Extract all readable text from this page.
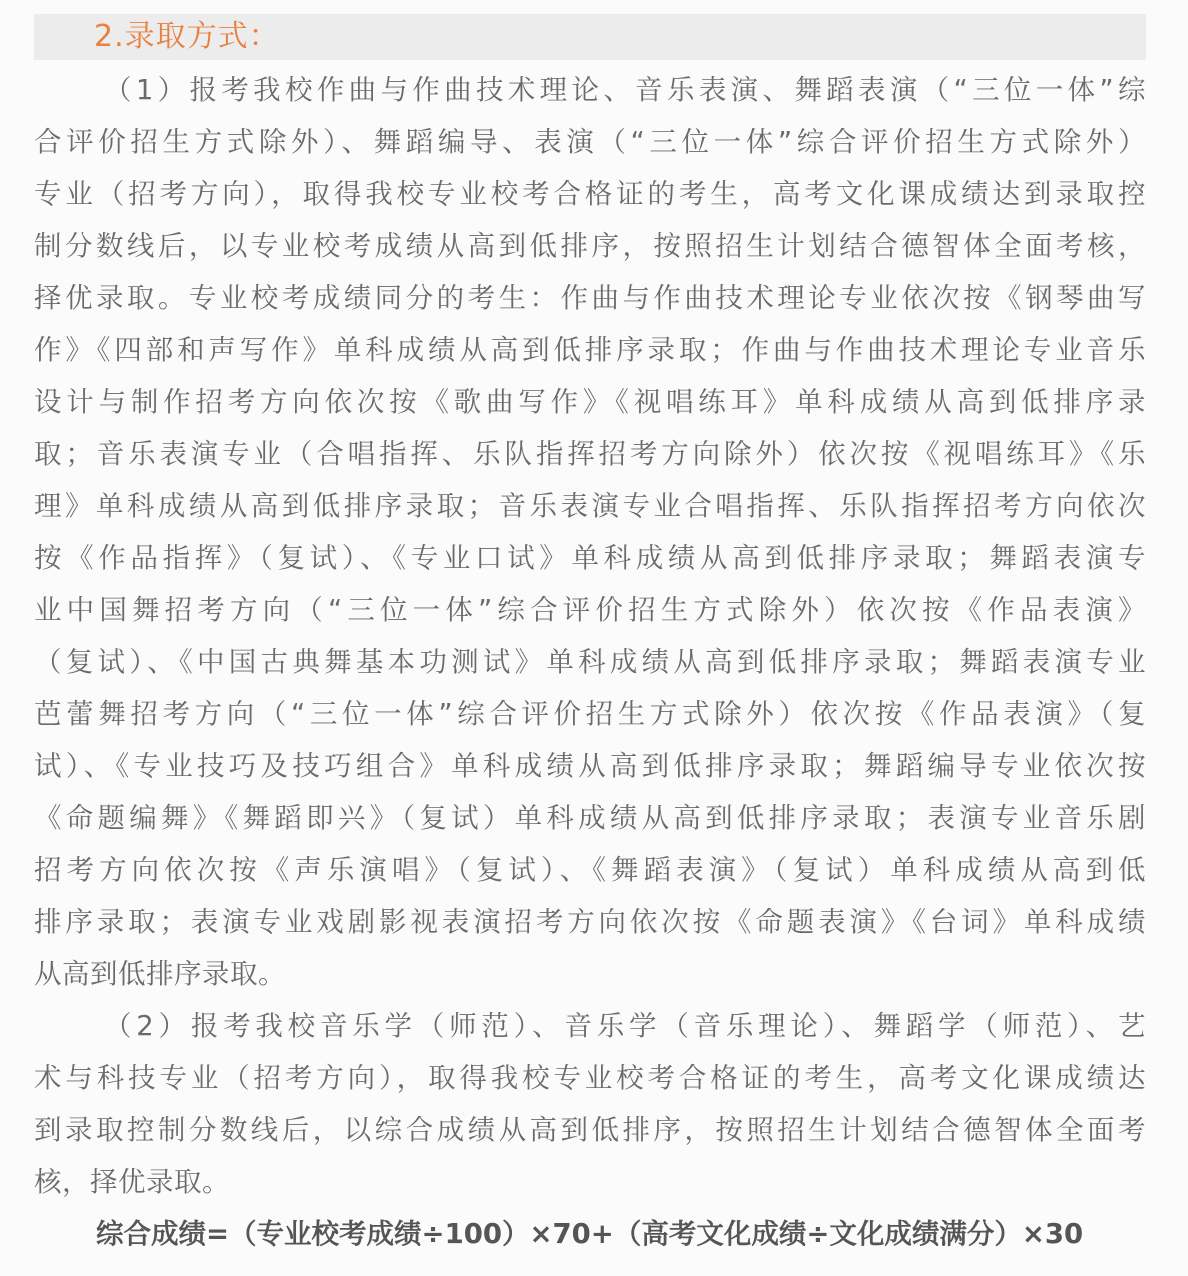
2.录取方式：
（1）报考我校作曲与作曲技术理论、音乐表演、舞蹈表演（“三位一体”综
合评价招生方式除外）、舞蹈编导、表演（“三位一体”综合评价招生方式除外）
专业（招考方向），取得我校专业校考合格证的考生，高考文化课成绩达到录取控
制分数线后，以专业校考成绩从高到低排序，按照招生计划结合德智体全面考核，
择优录取。专业校考成绩同分的考生：作曲与作曲技术理论专业依次按《钢琴曲写
作》《四部和声写作》单科成绩从高到低排序录取；作曲与作曲技术理论专业音乐
设计与制作招考方向依次按《歌曲写作》《视唱练耳》单科成绩从高到低排序录
取；音乐表演专业（合唱指挥、乐队指挥招考方向除外）依次按《视唱练耳》《乐
理》单科成绩从高到低排序录取；音乐表演专业合唱指挥、乐队指挥招考方向依次
按《作品指挥》（复试）、《专业口试》单科成绩从高到低排序录取；舞蹈表演专
业中国舞招考方向（“三位一体”综合评价招生方式除外）依次按《作品表演》
（复试）、《中国古典舞基本功测试》单科成绩从高到低排序录取；舞蹈表演专业
芭蕾舞招考方向（“三位一体”综合评价招生方式除外）依次按《作品表演》（复
试）、《专业技巧及技巧组合》单科成绩从高到低排序录取；舞蹈编导专业依次按
《命题编舞》《舞蹈即兴》（复试）单科成绩从高到低排序录取；表演专业音乐剧
招考方向依次按《声乐演唱》（复试）、《舞蹈表演》（复试）单科成绩从高到低
排序录取；表演专业戏剧影视表演招考方向依次按《命题表演》《台词》单科成绩
从高到低排序录取。
（2）报考我校音乐学（师范）、音乐学（音乐理论）、舞蹈学（师范）、艺
术与科技专业（招考方向），取得我校专业校考合格证的考生，高考文化课成绩达
到录取控制分数线后，以综合成绩从高到低排序，按照招生计划结合德智体全面考
核，择优录取。
综合成绩=（专业校考成绩÷100）×70+（高考文化成绩÷文化成绩满分）×30
